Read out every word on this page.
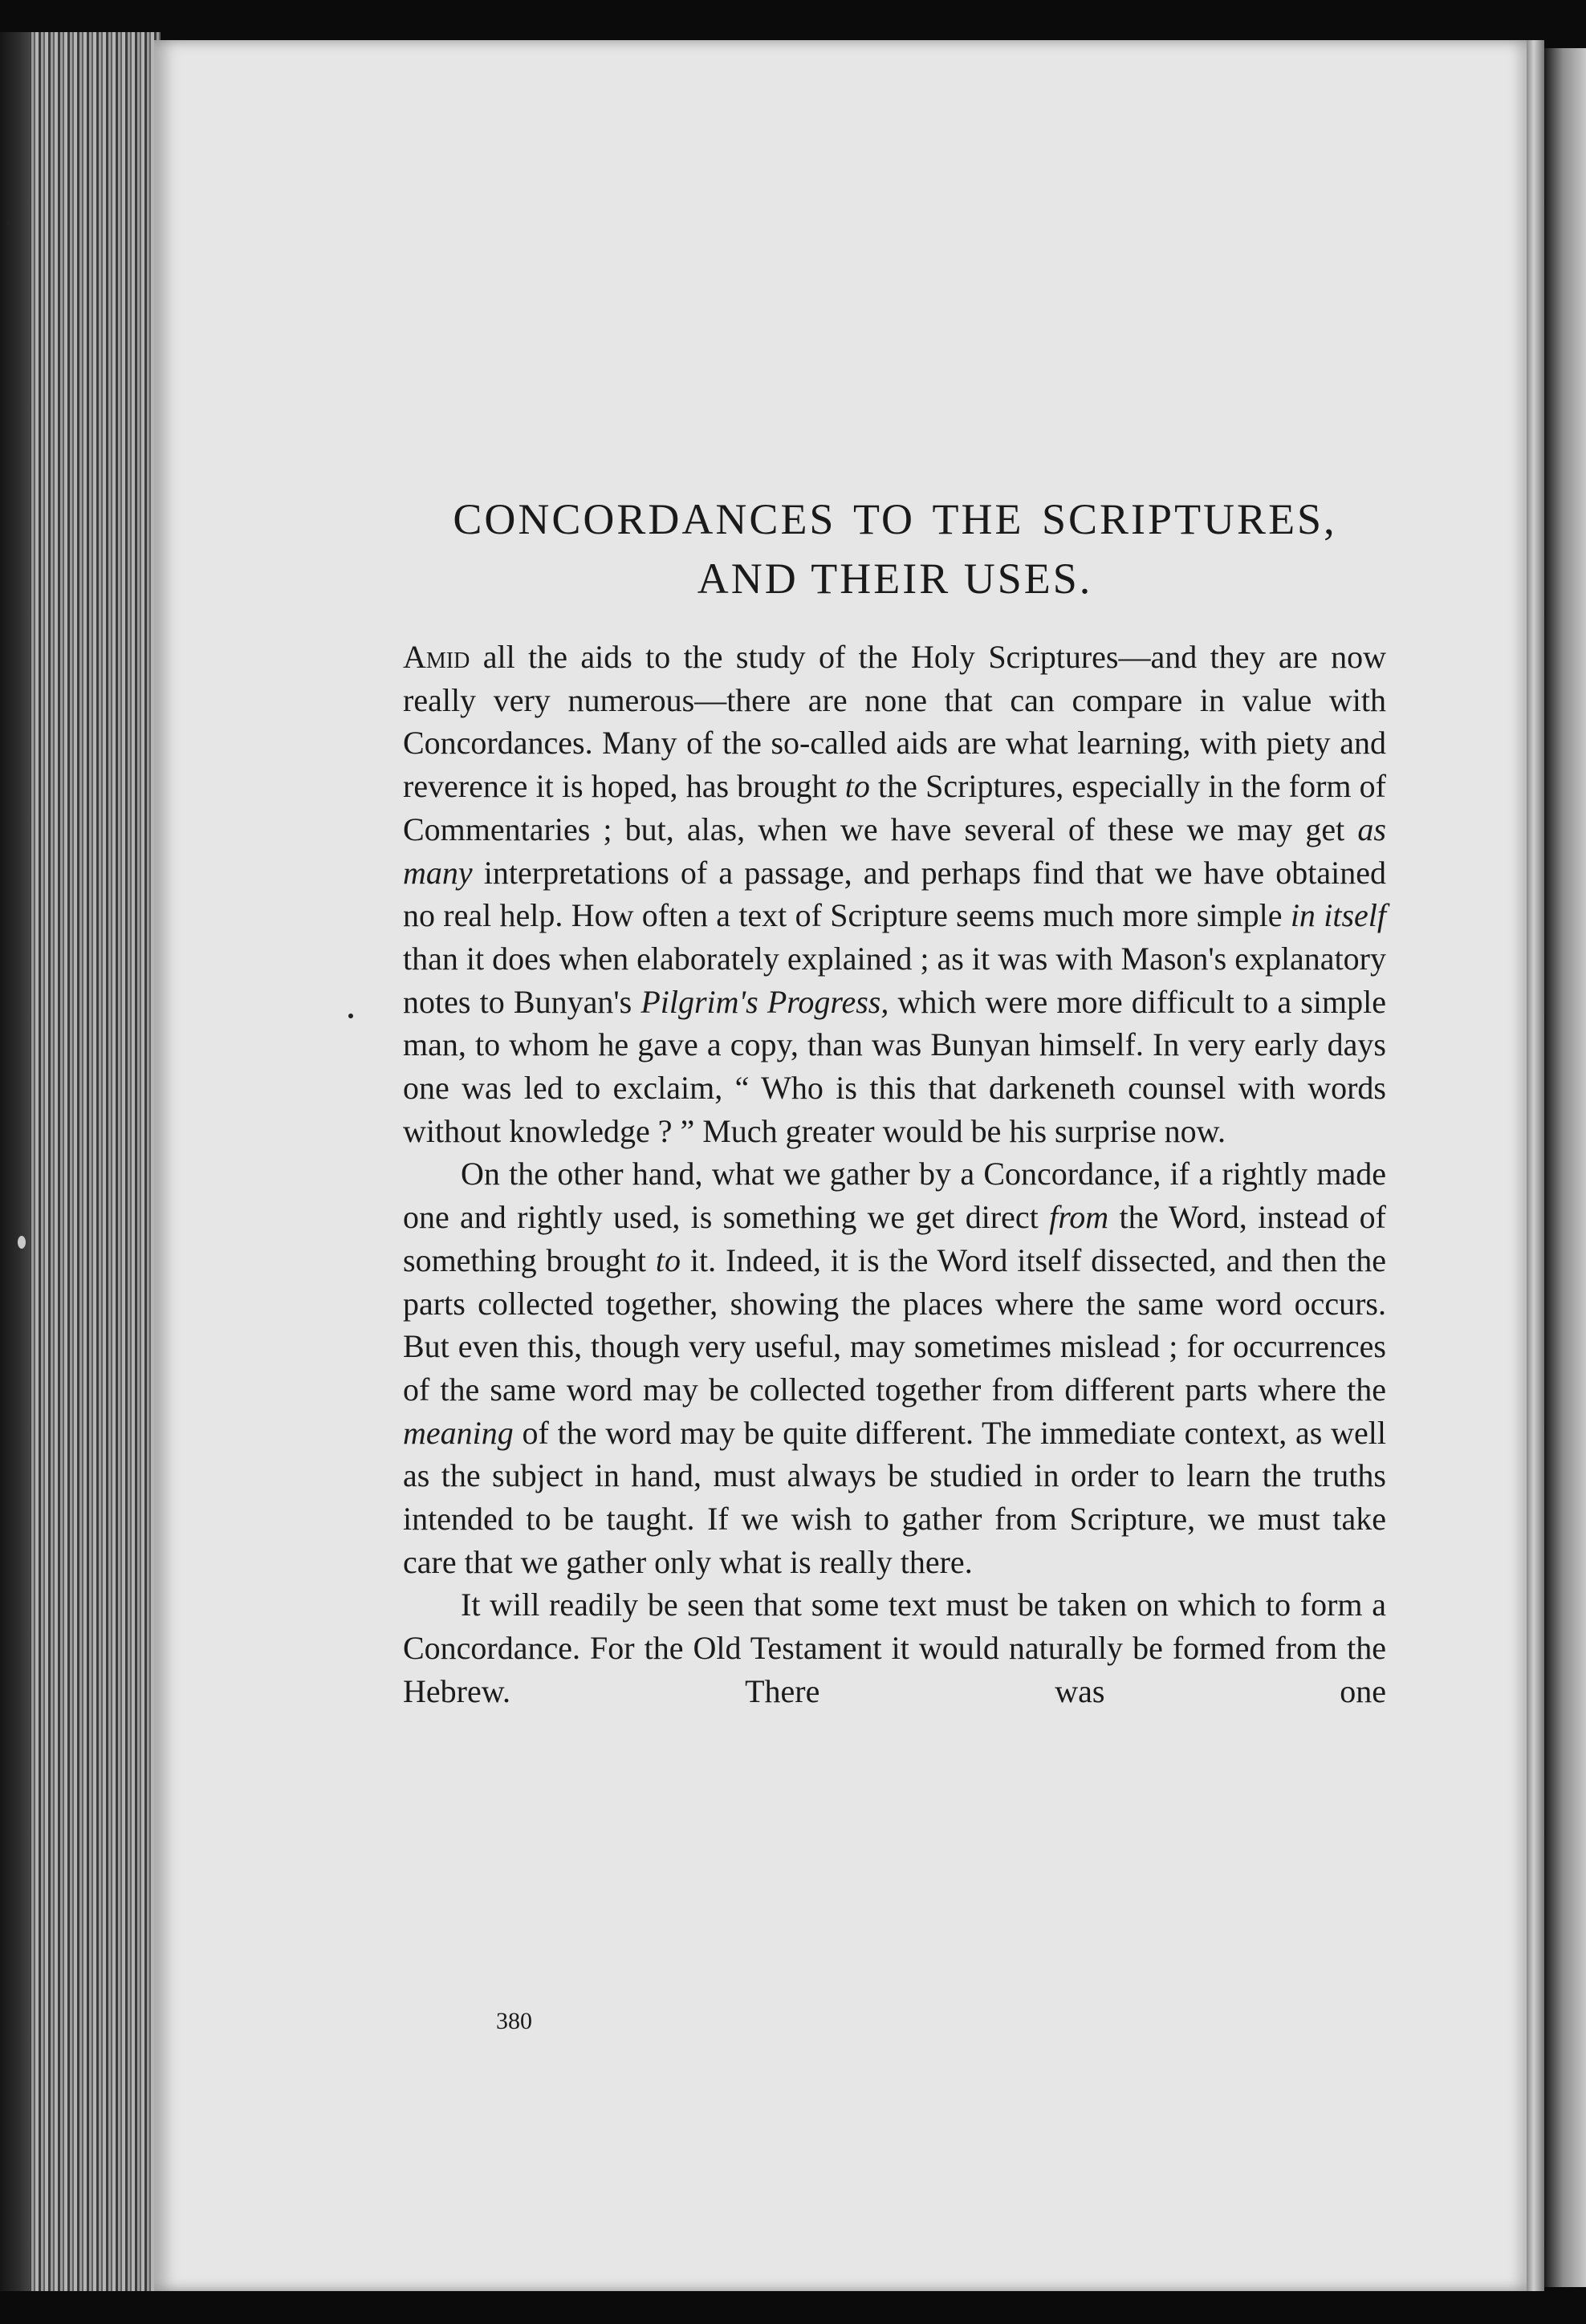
CONCORDANCES TO THE SCRIPTURES,
AND THEIR USES.

Amid all the aids to the study of the Holy Scriptures—and they are now really very numerous—there are none that can compare in value with Concordances. Many of the so-called aids are what learning, with piety and reverence it is hoped, has brought to the Scriptures, especially in the form of Commentaries ; but, alas, when we have several of these we may get as many interpretations of a passage, and perhaps find that we have obtained no real help. How often a text of Scripture seems much more simple in itself than it does when elaborately explained ; as it was with Mason's explanatory notes to Bunyan's Pilgrim's Progress, which were more difficult to a simple man, to whom he gave a copy, than was Bunyan himself. In very early days one was led to exclaim, “ Who is this that darkeneth counsel with words without knowledge ? ” Much greater would be his surprise now.

On the other hand, what we gather by a Concordance, if a rightly made one and rightly used, is something we get direct from the Word, instead of something brought to it. Indeed, it is the Word itself dissected, and then the parts collected together, showing the places where the same word occurs. But even this, though very useful, may sometimes mislead ; for occurrences of the same word may be collected together from different parts where the meaning of the word may be quite different. The immediate context, as well as the subject in hand, must always be studied in order to learn the truths intended to be taught. If we wish to gather from Scripture, we must take care that we gather only what is really there.

It will readily be seen that some text must be taken on which to form a Concordance. For the Old Testament it would naturally be formed from the Hebrew. There was one

380
